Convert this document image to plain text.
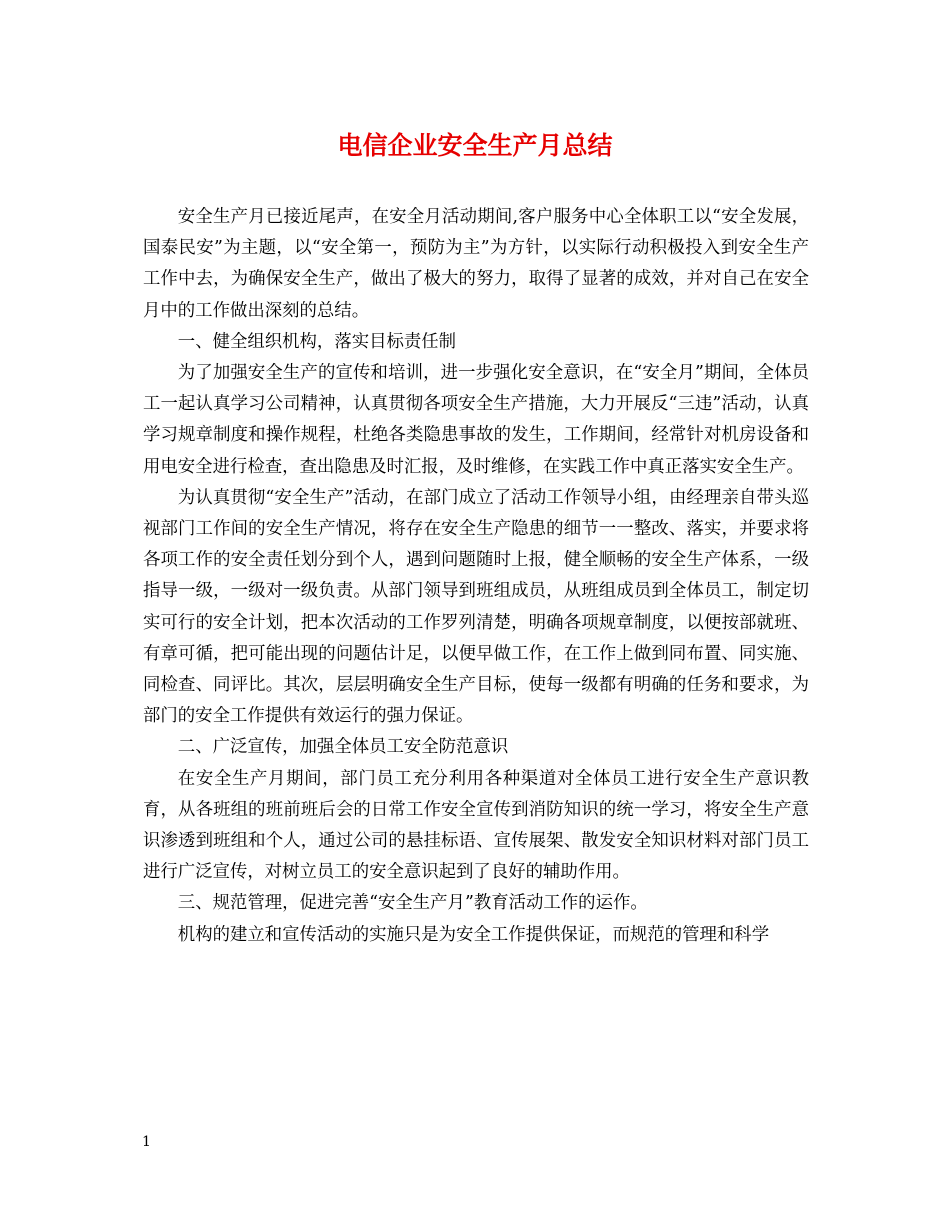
电信企业安全生产月总结

安全生产月已接近尾声，在安全月活动期间,客户服务中心全体职工以“安全发展，国泰民安”为主题，以“安全第一，预防为主”为方针，以实际行动积极投入到安全生产工作中去，为确保安全生产，做出了极大的努力，取得了显著的成效，并对自己在安全月中的工作做出深刻的总结。

一、健全组织机构，落实目标责任制

为了加强安全生产的宣传和培训，进一步强化安全意识，在“安全月”期间，全体员工一起认真学习公司精神，认真贯彻各项安全生产措施，大力开展反“三违”活动，认真学习规章制度和操作规程，杜绝各类隐患事故的发生，工作期间，经常针对机房设备和用电安全进行检查，查出隐患及时汇报，及时维修，在实践工作中真正落实安全生产。

为认真贯彻“安全生产”活动，在部门成立了活动工作领导小组，由经理亲自带头巡视部门工作间的安全生产情况，将存在安全生产隐患的细节一一整改、落实，并要求将各项工作的安全责任划分到个人，遇到问题随时上报，健全顺畅的安全生产体系，一级指导一级，一级对一级负责。从部门领导到班组成员，从班组成员到全体员工，制定切实可行的安全计划，把本次活动的工作罗列清楚，明确各项规章制度，以便按部就班、有章可循，把可能出现的问题估计足，以便早做工作，在工作上做到同布置、同实施、同检查、同评比。其次，层层明确安全生产目标，使每一级都有明确的任务和要求，为部门的安全工作提供有效运行的强力保证。

二、广泛宣传，加强全体员工安全防范意识

在安全生产月期间，部门员工充分利用各种渠道对全体员工进行安全生产意识教育，从各班组的班前班后会的日常工作安全宣传到消防知识的统一学习，将安全生产意识渗透到班组和个人，通过公司的悬挂标语、宣传展架、散发安全知识材料对部门员工进行广泛宣传，对树立员工的安全意识起到了良好的辅助作用。

三、规范管理，促进完善“安全生产月”教育活动工作的运作。

机构的建立和宣传活动的实施只是为安全工作提供保证，而规范的管理和科学

1
